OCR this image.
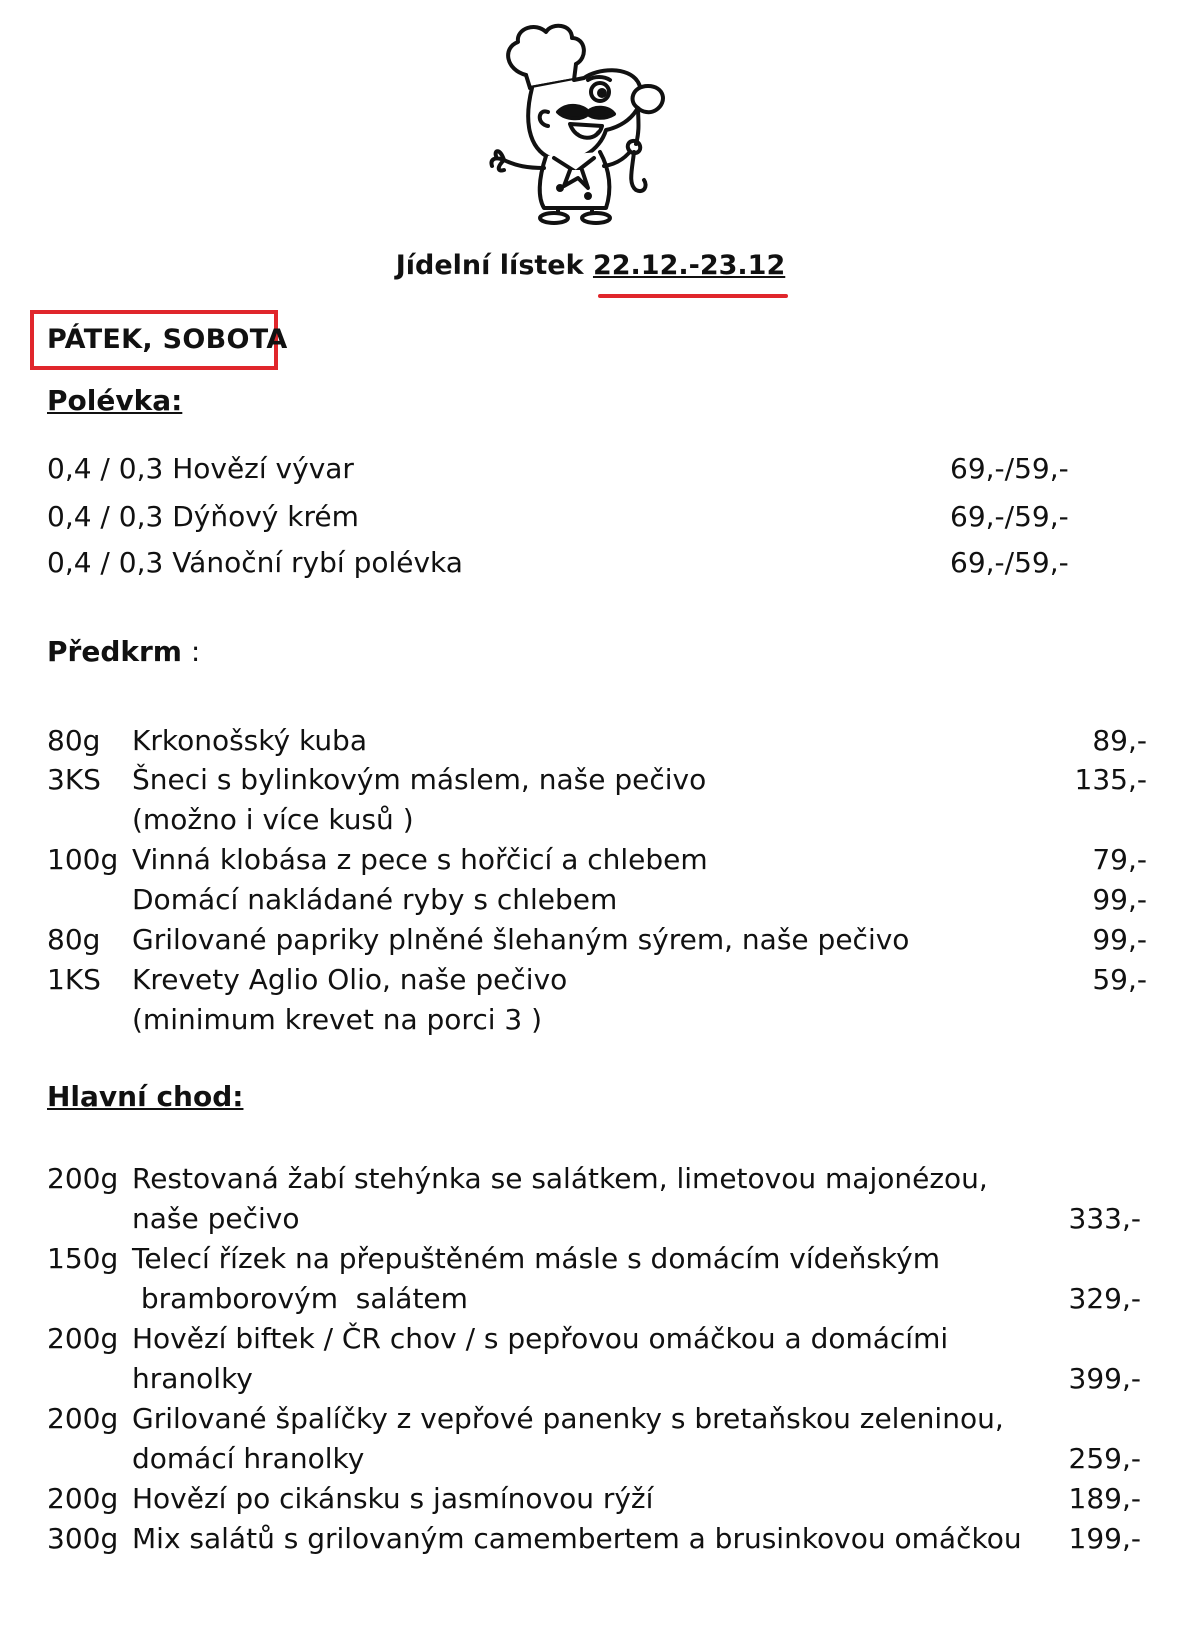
Jídelní lístek 22.12.-23.12
PÁTEK, SOBOTA
Polévka:
0,4 / 0,3 Hovězí vývar	69,-/59,-
0,4 / 0,3 Dýňový krém	69,-/59,-
0,4 / 0,3 Vánoční rybí polévka	69,-/59,-
Předkrm :
80g Krkonošský kuba	89,-
3KS Šneci s bylinkovým máslem, naše pečivo	135,-
(možno i více kusů )
100g Vinná klobása z pece s hořčicí a chlebem	79,-
Domácí nakládané ryby s chlebem	99,-
80g Grilované papriky plněné šlehaným sýrem, naše pečivo	99,-
1KS Krevety Aglio Olio, naše pečivo	59,-
(minimum krevet na porci 3 )
Hlavní chod:
200g Restovaná žabí stehýnka se salátkem, limetovou majonézou,
naše pečivo	333,-
150g Telecí řízek na přepuštěném másle s domácím vídeňským
bramborovým  salátem	329,-
200g Hovězí biftek / ČR chov / s pepřovou omáčkou a domácími
hranolky	399,-
200g Grilované špalíčky z vepřové panenky s bretaňskou zeleninou,
domácí hranolky	259,-
200g Hovězí po cikánsku s jasmínovou rýží	189,-
300g Mix salátů s grilovaným camembertem a brusinkovou omáčkou 199,-
